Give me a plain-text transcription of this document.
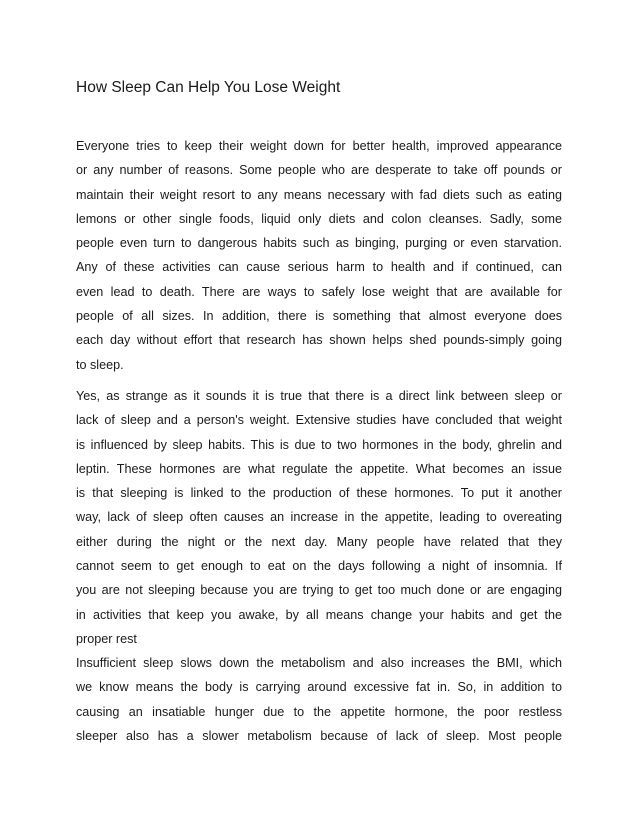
How Sleep Can Help You Lose Weight
Everyone tries to keep their weight down for better health, improved appearance
or any number of reasons. Some people who are desperate to take off pounds or
maintain their weight resort to any means necessary with fad diets such as eating
lemons or other single foods, liquid only diets and colon cleanses. Sadly, some
people even turn to dangerous habits such as binging, purging or even starvation.
Any of these activities can cause serious harm to health and if continued, can
even lead to death. There are ways to safely lose weight that are available for
people of all sizes. In addition, there is something that almost everyone does
each day without effort that research has shown helps shed pounds-simply going
to sleep.
Yes, as strange as it sounds it is true that there is a direct link between sleep or
lack of sleep and a person's weight. Extensive studies have concluded that weight
is influenced by sleep habits. This is due to two hormones in the body, ghrelin and
leptin. These hormones are what regulate the appetite. What becomes an issue
is that sleeping is linked to the production of these hormones. To put it another
way, lack of sleep often causes an increase in the appetite, leading to overeating
either during the night or the next day. Many people have related that they
cannot seem to get enough to eat on the days following a night of insomnia. If
you are not sleeping because you are trying to get too much done or are engaging
in activities that keep you awake, by all means change your habits and get the
proper rest
Insufficient sleep slows down the metabolism and also increases the BMI, which
we know means the body is carrying around excessive fat in. So, in addition to
causing an insatiable hunger due to the appetite hormone, the poor restless
sleeper also has a slower metabolism because of lack of sleep. Most people
